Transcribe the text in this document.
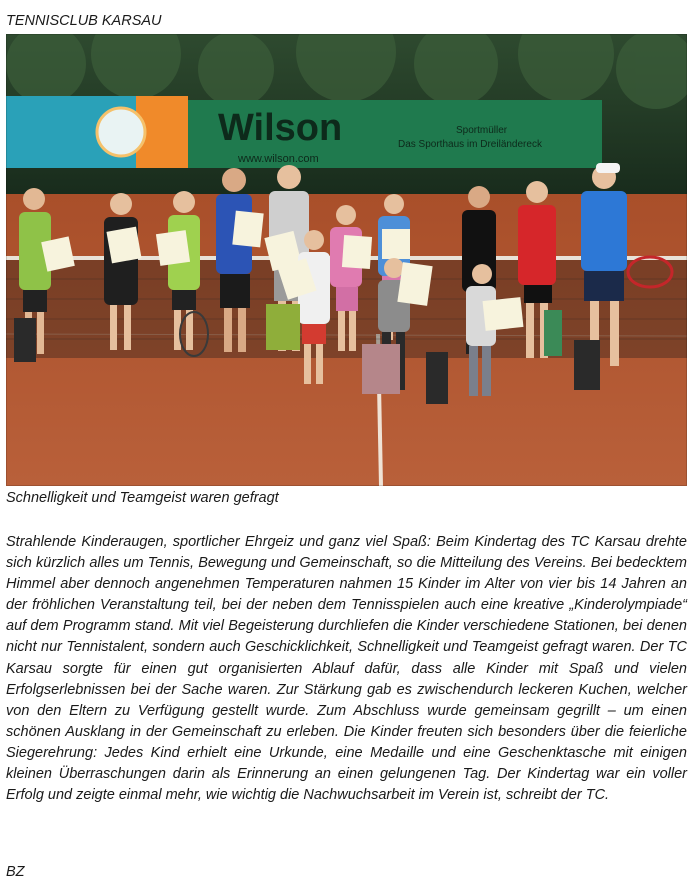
TENNISCLUB KARSAU
Wilson
www.wilson.com
Sportmüller
Das Sporthaus im Dreiländereck
Schnelligkeit und Teamgeist waren gefragt

Strahlende Kinderaugen, sportlicher Ehrgeiz und ganz viel Spaß: Beim Kindertag des TC Karsau drehte sich kürzlich alles um Tennis, Bewegung und Gemeinschaft, so die Mitteilung des Vereins. Bei bedecktem Himmel aber dennoch angenehmen Temperaturen nahmen 15 Kinder im Alter von vier bis 14 Jahren an der fröhlichen Veranstaltung teil, bei der neben dem Tennisspielen auch eine kreative „Kinderolympiade“ auf dem Programm stand. Mit viel Begeisterung durchliefen die Kinder verschiedene Stationen, bei denen nicht nur Tennistalent, sondern auch Geschicklichkeit, Schnelligkeit und Teamgeist gefragt waren. Der TC Karsau sorgte für einen gut organisierten Ablauf dafür, dass alle Kinder mit Spaß und vielen Erfolgserlebnissen bei der Sache waren. Zur Stärkung gab es zwischendurch leckeren Kuchen, welcher von den Eltern zu Verfügung gestellt wurde. Zum Abschluss wurde gemeinsam gegrillt – um einen schönen Ausklang in der Gemeinschaft zu erleben. Die Kinder freuten sich besonders über die feierliche Siegerehrung: Jedes Kind erhielt eine Urkunde, eine Medaille und eine Geschenktasche mit einigen kleinen Überraschungen darin als Erinnerung an einen gelungenen Tag. Der Kindertag war ein voller Erfolg und zeigte einmal mehr, wie wichtig die Nachwuchsarbeit im Verein ist, schreibt der TC.

BZ
